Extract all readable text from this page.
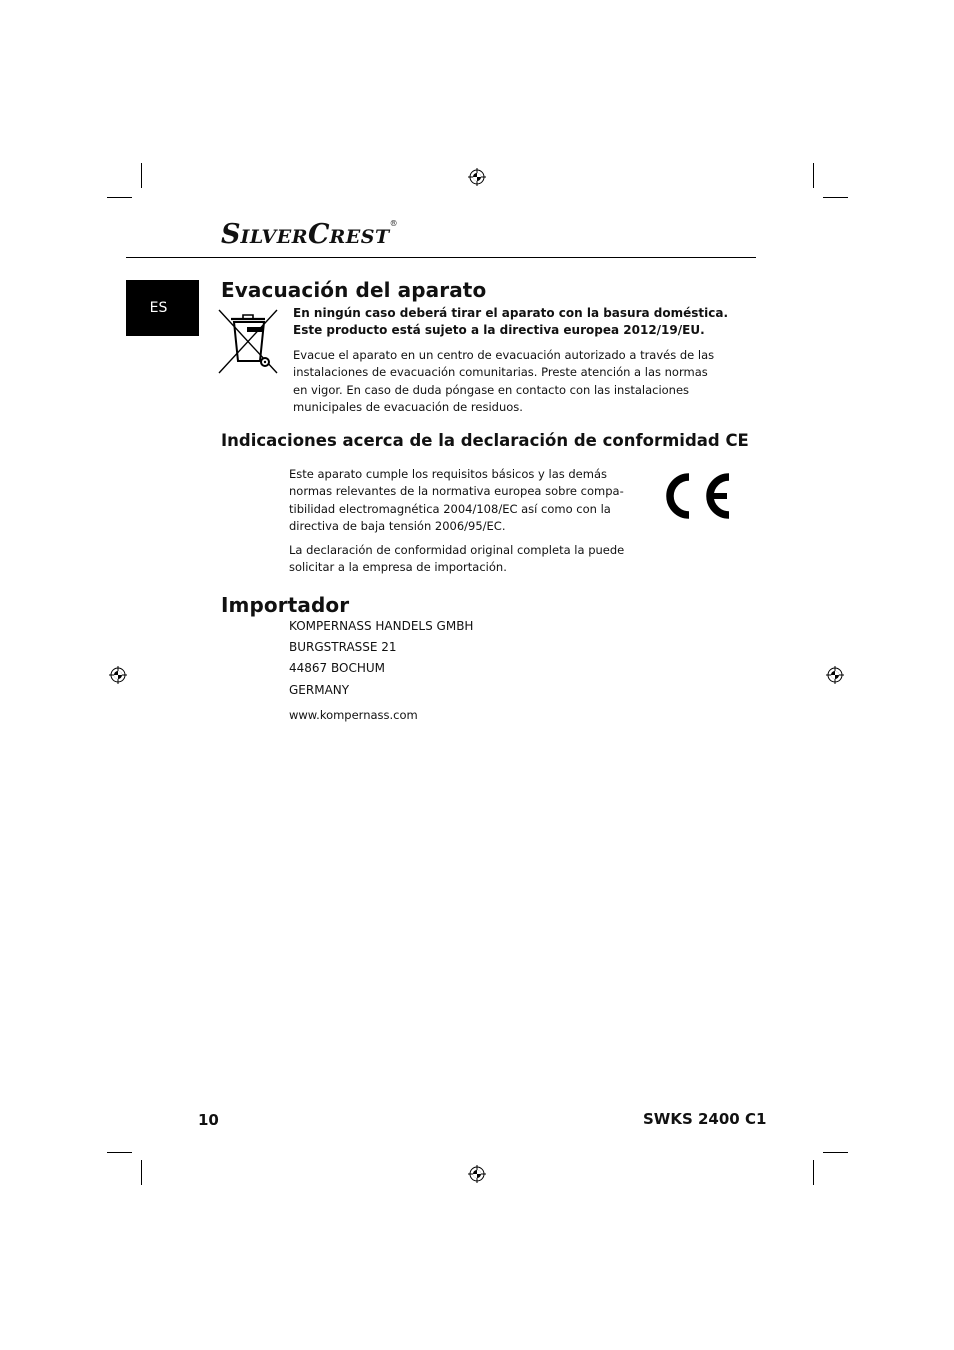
SILVERCREST®
ES
Evacuación del aparato
En ningún caso deberá tirar el aparato con la basura doméstica.
Este producto está sujeto a la directiva europea 2012/19/EU.
Evacue el aparato en un centro de evacuación autorizado a través de las
instalaciones de evacuación comunitarias. Preste atención a las normas
en vigor. En caso de duda póngase en contacto con las instalaciones
municipales de evacuación de residuos.
Indicaciones acerca de la declaración de conformidad CE
Este aparato cumple los requisitos básicos y las demás
normas relevantes de la normativa europea sobre compa-
tibilidad electromagnética 2004/108/EC así como con la
directiva de baja tensión 2006/95/EC.
La declaración de conformidad original completa la puede
solicitar a la empresa de importación.
Importador
KOMPERNASS HANDELS GMBH
BURGSTRASSE 21
44867 BOCHUM
GERMANY
www.kompernass.com
10	SWKS 2400 C1
